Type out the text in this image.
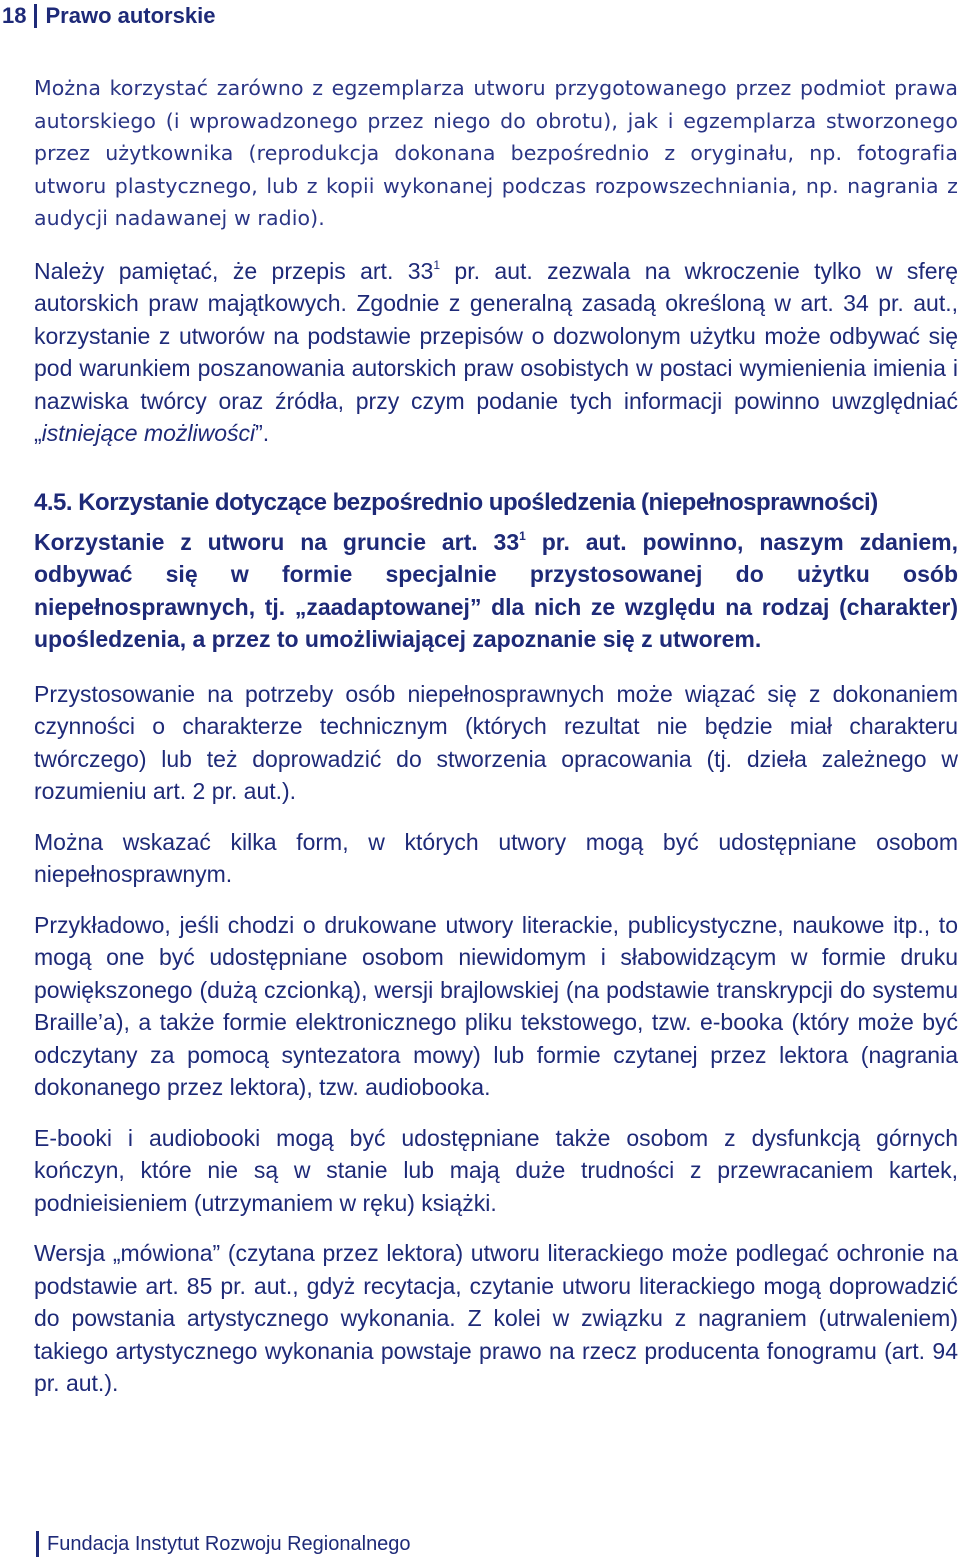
18 Prawo autorskie

Można korzystać zarówno z egzemplarza utworu przygotowanego przez podmiot prawa autorskiego (i wprowadzonego przez niego do obrotu), jak i egzemplarza stworzonego przez użytkownika (reprodukcja dokonana bezpośrednio z oryginału, np. fotografia utworu plastycznego, lub z kopii wykonanej podczas rozpowszechniania, np. nagrania z audycji nadawanej w radio).

Należy pamiętać, że przepis art. $33^1$ pr. aut. zezwala na wkroczenie tylko w sferę autorskich praw majątkowych. Zgodnie z generalną zasadą określoną w art. 34 pr. aut., korzystanie z utworów na podstawie przepisów o dozwolonym użytku może odbywać się pod warunkiem poszanowania autorskich praw osobistych w postaci wymienienia imienia i nazwiska twórcy oraz źródła, przy czym podanie tych informacji powinno uwzględniać „istniejące możliwości”.

4.5. Korzystanie dotyczące bezpośrednio upośledzenia (niepełnosprawności)

Korzystanie z utworu na gruncie art. $33^1$ pr. aut. powinno, naszym zdaniem, odbywać się w formie specjalnie przystosowanej do użytku osób niepełnosprawnych, tj. „zaadaptowanej” dla nich ze względu na rodzaj (charakter) upośledzenia, a przez to umożliwiającej zapoznanie się z utworem.

Przystosowanie na potrzeby osób niepełnosprawnych może wiązać się z dokonaniem czynności o charakterze technicznym (których rezultat nie będzie miał charakteru twórczego) lub też doprowadzić do stworzenia opracowania (tj. dzieła zależnego w rozumieniu art. 2 pr. aut.).

Można wskazać kilka form, w których utwory mogą być udostępniane osobom niepełnosprawnym.

Przykładowo, jeśli chodzi o drukowane utwory literackie, publicystyczne, naukowe itp., to mogą one być udostępniane osobom niewidomym i słabowidzącym w formie druku powiększonego (dużą czcionką), wersji brajlowskiej (na podstawie transkrypcji do systemu Braille’a), a także formie elektronicznego pliku tekstowego, tzw. e-booka (który może być odczytany za pomocą syntezatora mowy) lub formie czytanej przez lektora (nagrania dokonanego przez lektora), tzw. audiobooka.

E-booki i audiobooki mogą być udostępniane także osobom z dysfunkcją górnych kończyn, które nie są w stanie lub mają duże trudności z przewracaniem kartek, podnieisieniem (utrzymaniem w ręku) książki.

Wersja „mówiona” (czytana przez lektora) utworu literackiego może podlegać ochronie na podstawie art. 85 pr. aut., gdyż recytacja, czytanie utworu literackiego mogą doprowadzić do powstania artystycznego wykonania. Z kolei w związku z nagraniem (utrwaleniem) takiego artystycznego wykonania powstaje prawo na rzecz producenta fonogramu (art. 94 pr. aut.).

Fundacja Instytut Rozwoju Regionalnego
